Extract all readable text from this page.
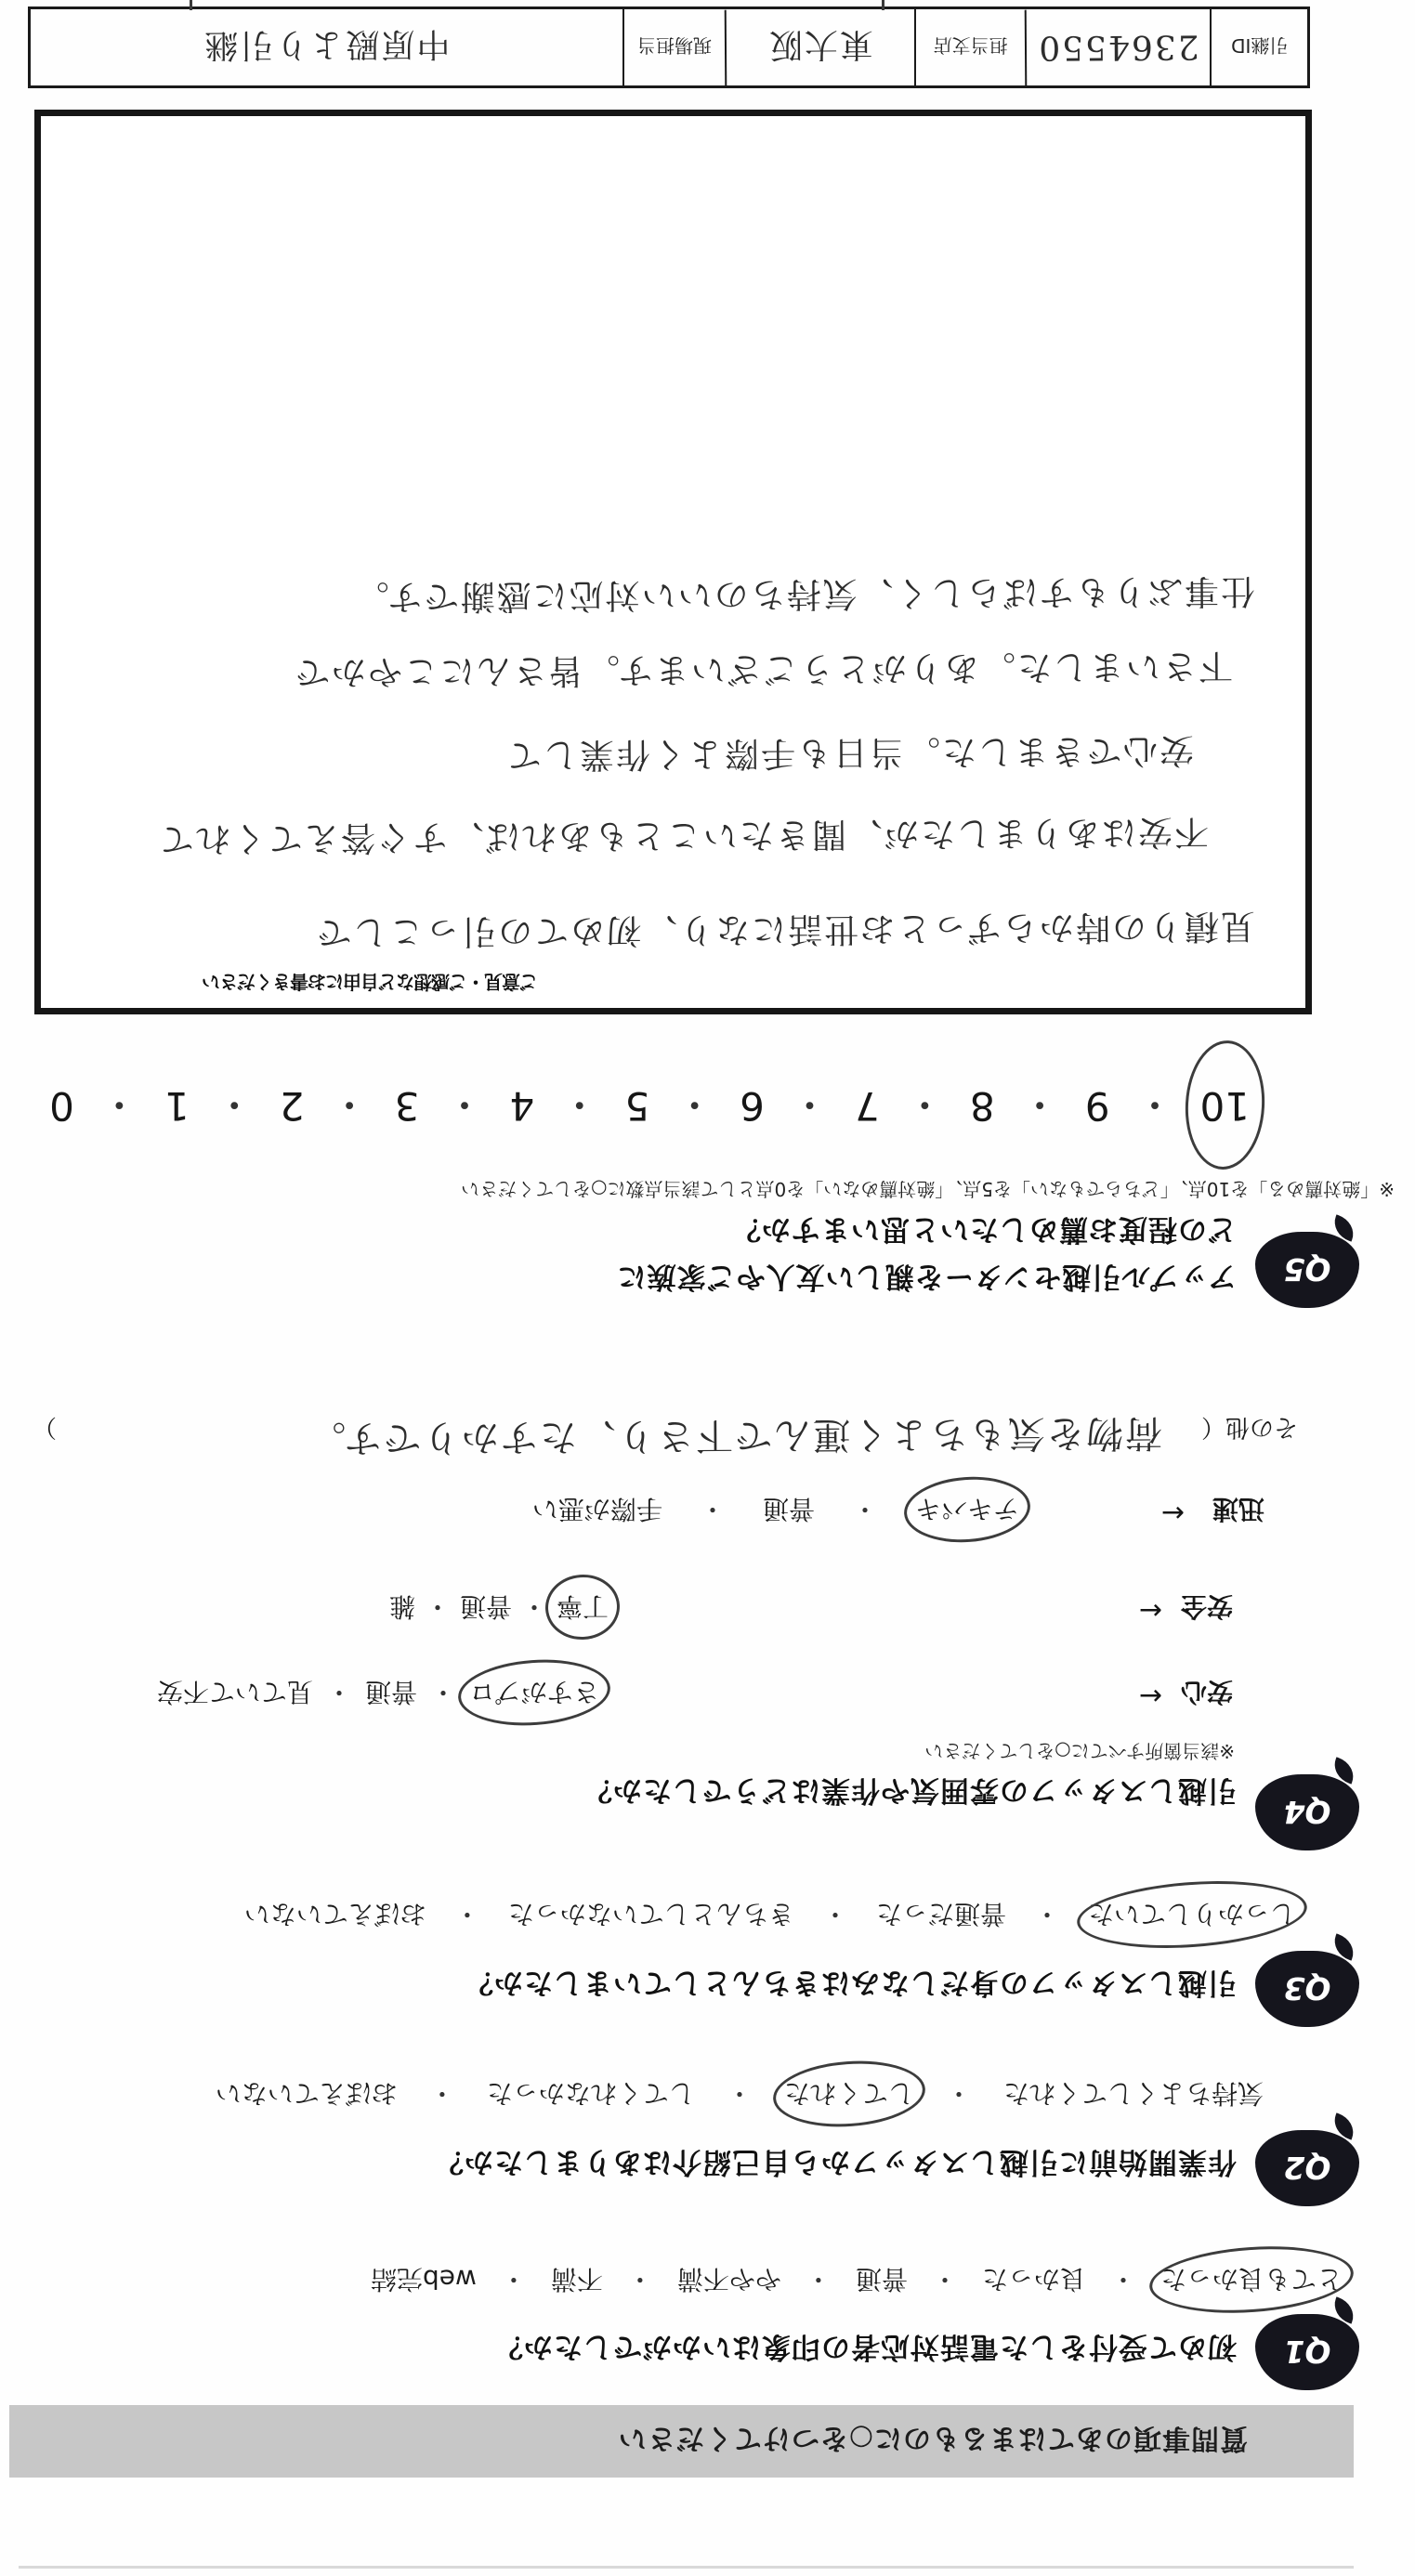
質問事項のあてはまるものに○をつけてください
Q1
初めて受付をした電話対応者の印象はいかがでしたか？
とても良かった・良かった・普通・やや不満・不満・web完結
Q2
作業開始前に引越しスタッフから自己紹介はありましたか？
気持ちよくしてくれた・してくれた・してくれなかった・おぼえていない
Q3
引越しスタッフの身だしなみはきちんとしていましたか？
しっかりしていた・普通だった・きちんとしていなかった・おぼえていない
Q4
引越しスタッフの雰囲気や作業はどうでしたか？
※該当箇所すべてに○をしてください
安心
←
さすがプロ・普通・見ていて不安
安全
←
丁寧・普通・雑
迅速
←
テキパキ・普通・手際が悪い
その他（
荷物を気もちよく運んで下さり、たすかりです。
）
Q5
アップル引越センターを親しい友人やご家族に
どの程度お薦めしたいと思いますか？
※「絶対薦める」を10点、「どちらでもない」を5点、「絶対薦めない」を0点として該当点数に○をしてください
10
・
9
・
8
・
7
・
6
・
5
・
4
・
3
・
2
・
1
・
0
ご意見・ご感想など自由にお書きください
見積りの時からずっとお世話になり、初めての引っこしで
不安はありましたが、聞きたいこともあれば、すぐ答えてくれて
安心できました。当日も手際よく作業して
下さいました。ありがとうございます。皆さんにこやかで
仕事ぶりもすばらしく、気持ちのいい対応に感謝です。
引継ID
2364550
担当支店
東大阪
現場担当
中原殿より引継
